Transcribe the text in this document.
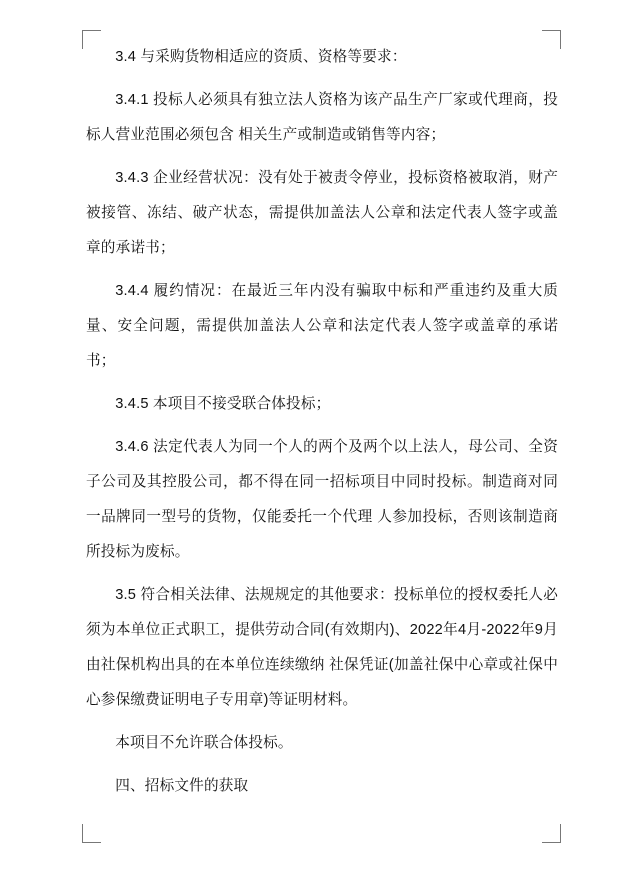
3.4 与采购货物相适应的资质、资格等要求：

3.4.1 投标人必须具有独立法人资格为该产品生产厂家或代理商，投标人营业范围必须包含 相关生产或制造或销售等内容；

3.4.3 企业经营状况：没有处于被责令停业，投标资格被取消，财产被接管、冻结、破产状态，需提供加盖法人公章和法定代表人签字或盖章的承诺书；

3.4.4 履约情况：在最近三年内没有骗取中标和严重违约及重大质量、安全问题，需提供加盖法人公章和法定代表人签字或盖章的承诺书；

3.4.5 本项目不接受联合体投标；

3.4.6 法定代表人为同一个人的两个及两个以上法人，母公司、全资子公司及其控股公司，都不得在同一招标项目中同时投标。制造商对同一品牌同一型号的货物，仅能委托一个代理 人参加投标，否则该制造商所投标为废标。

3.5 符合相关法律、法规规定的其他要求：投标单位的授权委托人必须为本单位正式职工，提供劳动合同(有效期内)、2022年4月-2022年9月由社保机构出具的在本单位连续缴纳 社保凭证(加盖社保中心章或社保中心参保缴费证明电子专用章)等证明材料。

本项目不允许联合体投标。

四、招标文件的获取
